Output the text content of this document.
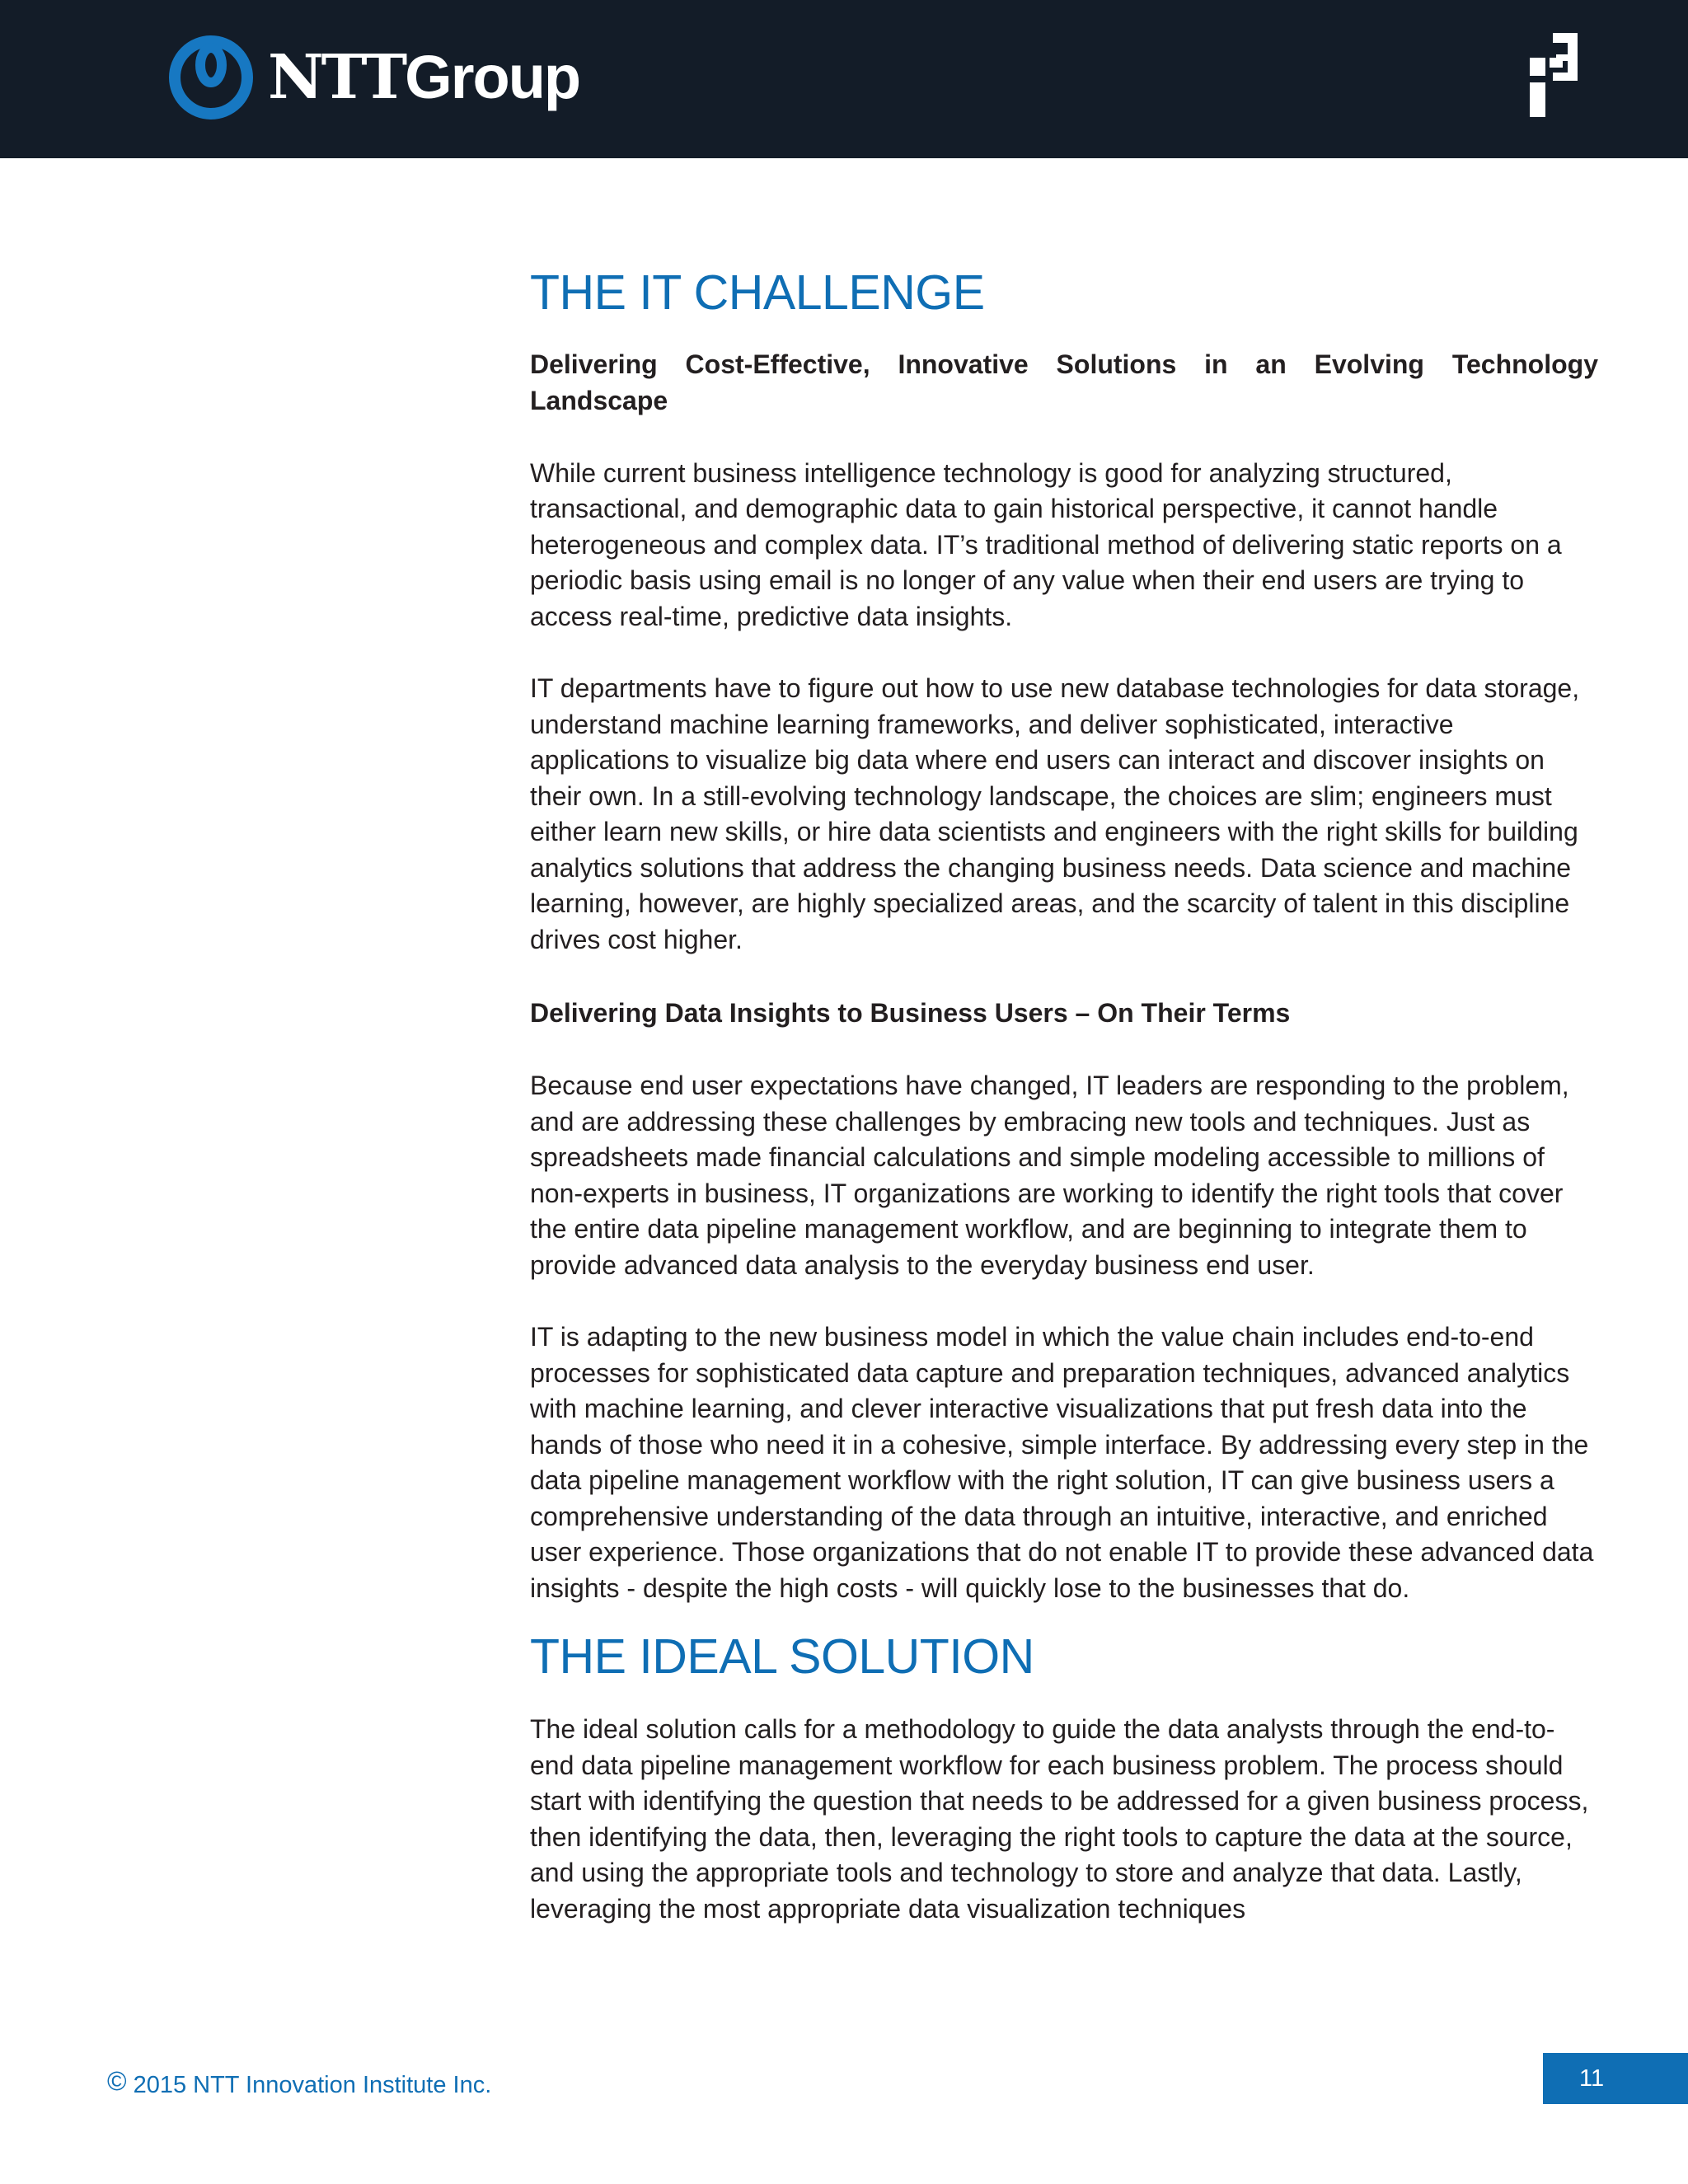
NTTGroup
THE IT CHALLENGE

Delivering Cost-Effective, Innovative Solutions in an Evolving Technology Landscape

While current business intelligence technology is good for analyzing structured, transactional, and demographic data to gain historical perspective, it cannot handle heterogeneous and complex data. IT’s traditional method of delivering static reports on a periodic basis using email is no longer of any value when their end users are trying to access real-time, predictive data insights.

IT departments have to figure out how to use new database technologies for data storage, understand machine learning frameworks, and deliver sophisticated, interactive applications to visualize big data where end users can interact and discover insights on their own. In a still-evolving technology landscape, the choices are slim; engineers must either learn new skills, or hire data scientists and engineers with the right skills for building analytics solutions that address the changing business needs. Data science and machine learning, however, are highly specialized areas, and the scarcity of talent in this discipline drives cost higher.

Delivering Data Insights to Business Users – On Their Terms

Because end user expectations have changed, IT leaders are responding to the problem, and are addressing these challenges by embracing new tools and techniques. Just as spreadsheets made financial calculations and simple modeling accessible to millions of non-experts in business, IT organizations are working to identify the right tools that cover the entire data pipeline management workflow, and are beginning to integrate them to provide advanced data analysis to the everyday business end user.

IT is adapting to the new business model in which the value chain includes end-to-end processes for sophisticated data capture and preparation techniques, advanced analytics with machine learning, and clever interactive visualizations that put fresh data into the hands of those who need it in a cohesive, simple interface. By addressing every step in the data pipeline management workflow with the right solution, IT can give business users a comprehensive understanding of the data through an intuitive, interactive, and enriched user experience. Those organizations that do not enable IT to provide these advanced data insights - despite the high costs - will quickly lose to the businesses that do.

THE IDEAL SOLUTION

The ideal solution calls for a methodology to guide the data analysts through the end-to-end data pipeline management workflow for each business problem. The process should start with identifying the question that needs to be addressed for a given business process, then identifying the data, then, leveraging the right tools to capture the data at the source, and using the appropriate tools and technology to store and analyze that data. Lastly, leveraging the most appropriate data visualization techniques

© 2015 NTT Innovation Institute Inc.	11
